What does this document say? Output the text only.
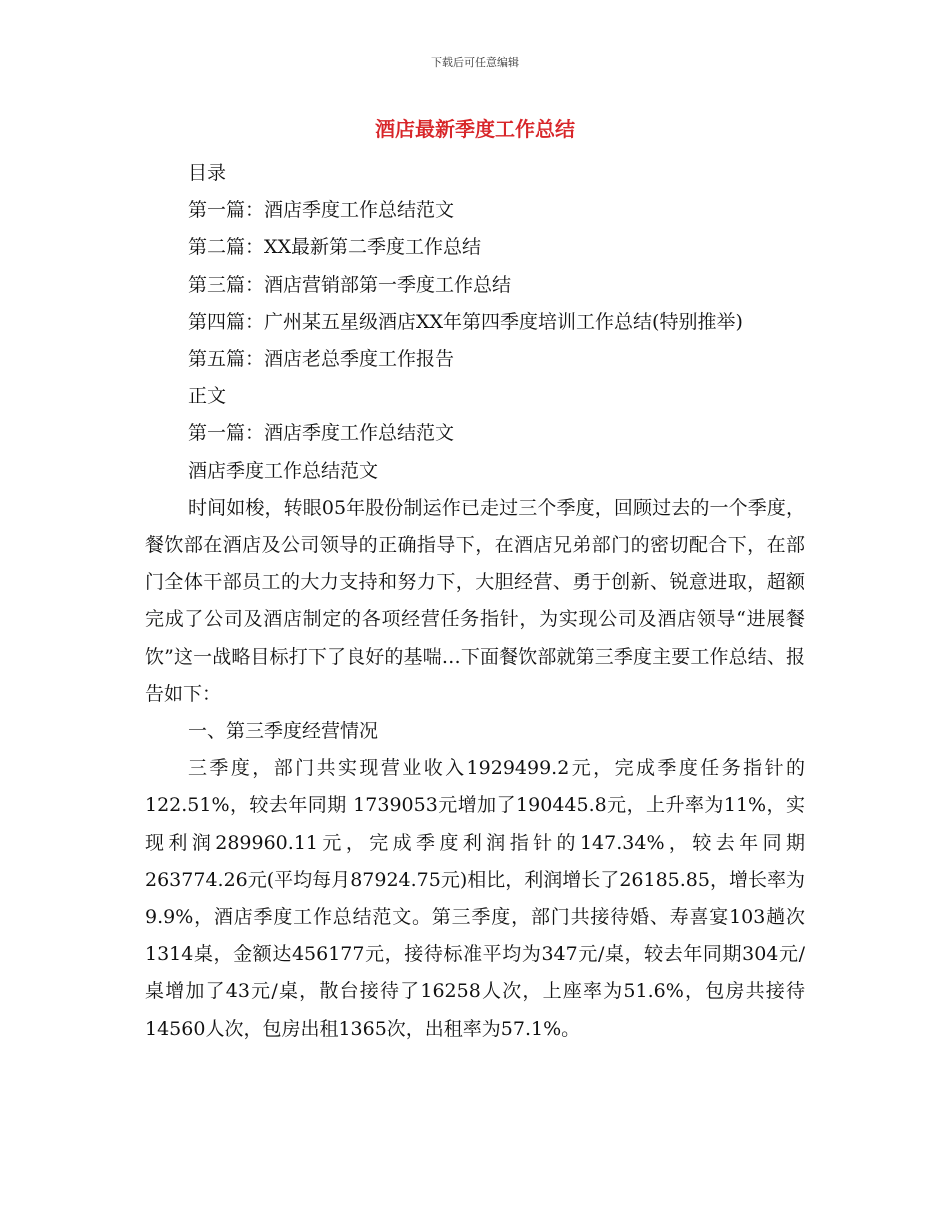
下载后可任意编辑
酒店最新季度工作总结

目录

第一篇：酒店季度工作总结范文

第二篇：XX最新第二季度工作总结

第三篇：酒店营销部第一季度工作总结

第四篇：广州某五星级酒店XX年第四季度培训工作总结(特别推举)

第五篇：酒店老总季度工作报告

正文

第一篇：酒店季度工作总结范文

酒店季度工作总结范文

时间如梭，转眼05年股份制运作已走过三个季度，回顾过去的一个季度，餐饮部在酒店及公司领导的正确指导下，在酒店兄弟部门的密切配合下，在部门全体干部员工的大力支持和努力下，大胆经营、勇于创新、锐意进取，超额完成了公司及酒店制定的各项经营任务指针，为实现公司及酒店领导“进展餐饮”这一战略目标打下了良好的基喘…下面餐饮部就第三季度主要工作总结、报告如下：

一、第三季度经营情况

三季度，部门共实现营业收入1929499.2元，完成季度任务指针的122.51%，较去年同期 1739053元增加了190445.8元，上升率为11%，实现利润289960.11元，完成季度利润指针的147.34%，较去年同期263774.26元(平均每月87924.75元)相比，利润增长了26185.85，增长率为9.9%，酒店季度工作总结范文。第三季度，部门共接待婚、寿喜宴103趟次 1314桌，金额达456177元，接待标准平均为347元/桌，较去年同期304元/桌增加了43元/桌，散台接待了16258人次，上座率为51.6%，包房共接待14560人次，包房出租1365次，出租率为57.1%。
